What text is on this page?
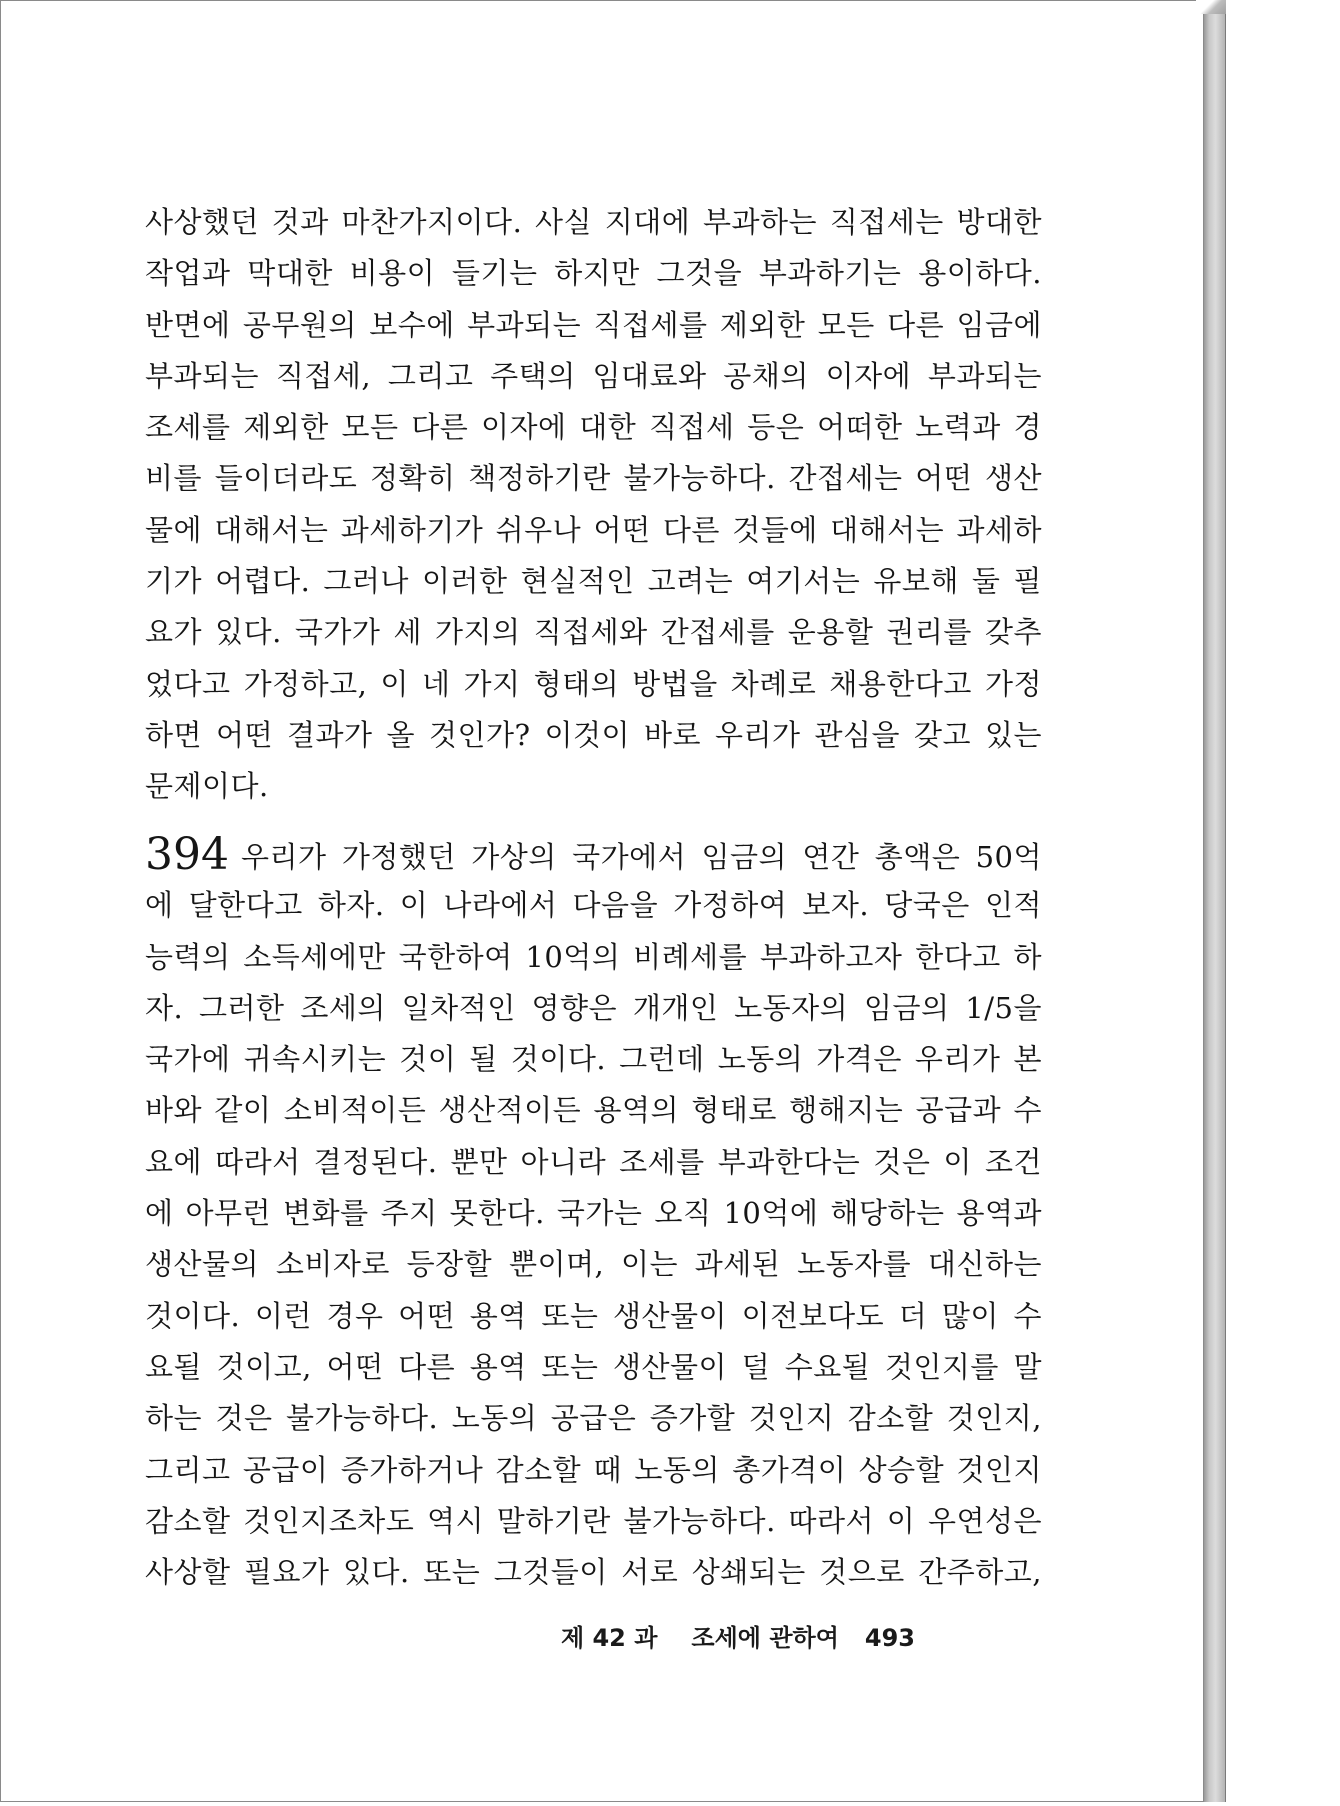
사상했던 것과 마찬가지이다. 사실 지대에 부과하는 직접세는 방대한
작업과 막대한 비용이 들기는 하지만 그것을 부과하기는 용이하다.
반면에 공무원의 보수에 부과되는 직접세를 제외한 모든 다른 임금에
부과되는 직접세, 그리고 주택의 임대료와 공채의 이자에 부과되는
조세를 제외한 모든 다른 이자에 대한 직접세 등은 어떠한 노력과 경
비를 들이더라도 정확히 책정하기란 불가능하다. 간접세는 어떤 생산
물에 대해서는 과세하기가 쉬우나 어떤 다른 것들에 대해서는 과세하
기가 어렵다. 그러나 이러한 현실적인 고려는 여기서는 유보해 둘 필
요가 있다. 국가가 세 가지의 직접세와 간접세를 운용할 권리를 갖추
었다고 가정하고, 이 네 가지 형태의 방법을 차례로 채용한다고 가정
하면 어떤 결과가 올 것인가? 이것이 바로 우리가 관심을 갖고 있는
문제이다.
394 우리가 가정했던 가상의 국가에서 임금의 연간 총액은 50억
에 달한다고 하자. 이 나라에서 다음을 가정하여 보자. 당국은 인적
능력의 소득세에만 국한하여 10억의 비례세를 부과하고자 한다고 하
자. 그러한 조세의 일차적인 영향은 개개인 노동자의 임금의 1/5을
국가에 귀속시키는 것이 될 것이다. 그런데 노동의 가격은 우리가 본
바와 같이 소비적이든 생산적이든 용역의 형태로 행해지는 공급과 수
요에 따라서 결정된다. 뿐만 아니라 조세를 부과한다는 것은 이 조건
에 아무런 변화를 주지 못한다. 국가는 오직 10억에 해당하는 용역과
생산물의 소비자로 등장할 뿐이며, 이는 과세된 노동자를 대신하는
것이다. 이런 경우 어떤 용역 또는 생산물이 이전보다도 더 많이 수
요될 것이고, 어떤 다른 용역 또는 생산물이 덜 수요될 것인지를 말
하는 것은 불가능하다. 노동의 공급은 증가할 것인지 감소할 것인지,
그리고 공급이 증가하거나 감소할 때 노동의 총가격이 상승할 것인지
감소할 것인지조차도 역시 말하기란 불가능하다. 따라서 이 우연성은
사상할 필요가 있다. 또는 그것들이 서로 상쇄되는 것으로 간주하고,
제 42 과 조세에 관하여 493
